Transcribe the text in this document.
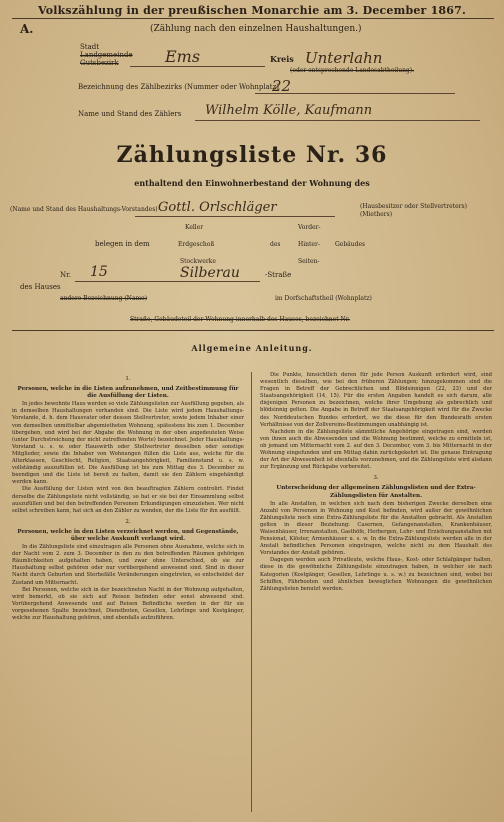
Volkszählung in der preußischen Monarchie am 3. December 1867.
A.	(Zählung nach den einzelnen Haushaltungen.)
Stadt
Landgemeinde
Gutsbezirk	Ems	Kreis Unterlahn
(oder entsprechende Landesabtheilung).
Bezeichnung des Zählbezirks (Nummer oder Wohnplatz)
22
Name und Stand des Zählers Wilhelm Kölle, Kaufmann
Zählungsliste Nr. 36
enthaltend den Einwohnerbestand der Wohnung des
(Name und Stand des Haushaltungs-Vorstandes) Gottl. Orlschläger	(Hausbesitzer oder Stellvertreters) (Miethers)
Keller	Vorder-
belegen in dem	Erdgeschoß	des	Hinter-	Gebäudes
Stockwerke	Seiten-
des Hauses
Nr. 15	Silberau	-Straße
andere Bezeichnung (Name)	im Dorfschaftstheil (Wohnplatz)
Straße, Gebäudeteil der Wohnung innerhalb des Hauses, bezeichnet Nr.
Allgemeine Anleitung.
1.
Personen, welche in die Listen aufzunehmen, und Zeitbestimmung für die Ausfüllung der Listen.

In jedes bewohnte Haus werden so viele Zählungslisten zur Ausfüllung gegeben, als in demselben Haushaltungen vorhanden sind. Die Liste wird jedem Haushaltungs-Vorstande, d. h. dem Hausvater oder dessen Stellvertreter, sowie jedem Inhaber einer von demselben unmittelbar abgemietheten Wohnung, spätestens bis zum 1. December übergeben, und wird bei der Abgabe die Wohnung in der oben angedeuteten Weise (unter Durchstreichung der nicht zutreffenden Worte) bezeichnet. Jeder Haushaltungs-Vorstand u. s. w. oder Hauswirth oder Stellvertreter desselben oder sonstige Mitglieder, sowie die Inhaber von Wohnungen füllen die Liste aus, welche für die Alterklassen, Geschlecht, Religion, Staatsangehörigkeit, Familienstand u. s. w. vollständig auszufüllen ist. Die Ausfüllung ist bis zum Mittag des 3. December zu beendigen und die Liste ist bereit zu halten, damit sie den Zählern eingehändigt werden kann.

Die Ausfüllung der Listen wird von den beauftragten Zählern controlirt. Findet derselbe die Zählungsliste nicht vollständig, so hat er sie bei der Einsammlung selbst auszufüllen und bei den betreffenden Personen Erkundigungen einzuziehen. Wer nicht selbst schreiben kann, hat sich an den Zähler zu wenden, der die Liste für ihn ausfüllt.

2.
Personen, welche in den Listen verzeichnet werden, und Gegenstände, über welche Auskunft verlangt wird.

In die Zählungsliste sind einzutragen alle Personen ohne Ausnahme, welche sich in der Nacht vom 2. zum 3. December in den zu den betreffenden Räumen gehörigen Räumlichkeiten aufgehalten haben, und zwar ohne Unterschied, ob sie zur Haushaltung selbst gehören oder nur vorübergehend anwesend sind. Sind in dieser Nacht durch Geburten und Sterbefälle Veränderungen eingetreten, so entscheidet der Zustand um Mitternacht.

Bei Personen, welche sich in der bezeichneten Nacht in der Wohnung aufgehalten, wird bemerkt, ob sie sich auf Reisen befinden oder sonst abwesend sind. Vorübergehend Anwesende und auf Reisen Befindliche werden in der für sie vorgesehenen Spalte bezeichnet, Dienstboten, Gesellen, Lehrlinge und Kostgänger, welche zur Haushaltung gehören, sind ebenfalls aufzuführen.

Die Punkte, hinsichtlich deren für jede Person Auskunft erfordert wird, sind wesentlich dieselben, wie bei den früheren Zählungen; hinzugekommen sind die Fragen in Betreff der Gebrechlichen und Blödsinnigen (22, 23) und der Staatsangehörigkeit (14, 15). Für die ersten Angaben handelt es sich darum, alle diejenigen Personen zu bezeichnen, welche ihrer Umgebung als gebrechlich und blödsinnig gelten. Die Angabe in Betreff der Staatsangehörigkeit wird für die Zwecke des Norddeutschen Bundes erfordert, wo die diese für den Bundesrath ersten Verhältnisse von der Zollvereins-Bestimmungen unabhängig ist.

Nachdem in die Zählungsliste sämmtliche Angehörige eingetragen sind, werden von ihnen auch die Abwesenden und die Wohnung bestimmt, welche zu ermitteln ist, ob jemand um Mitternacht vom 2. auf den 3. December, vom 3. bis Mitternacht in der Wohnung eingefunden und um Mittag dahin zurückgekehrt ist. Die genaue Eintragung der Art der Abwesenheit ist ebenfalls vorzunehmen, und die Zählungsliste wird alsdann zur Ergänzung und Rückgabe vorbereitet.

3.
Unterscheidung der allgemeinen Zählungslisten und der Extra-Zählungslisten für Anstalten.

In alle Anstalten, in welchen sich nach dem bisherigen Zwecke derselben eine Anzahl von Personen in Wohnung und Kost befinden, wird außer der gewöhnlichen Zählungsliste noch eine Extra-Zählungsliste für die Anstalten gebracht. Als Anstalten gelten in dieser Beziehung: Casernen, Gefangenanstalten, Krankenhäuser, Waisenhäuser, Irrenanstalten, Gasthöfe, Herbergen, Lehr- und Erziehungsanstalten mit Pensionat, Klöster, Armenhäuser u. s. w. In die Extra-Zählungsliste werden alle in der Anstalt befindlichen Personen eingetragen, welche nicht zu dem Haushalt des Vorstandes der Anstalt gehören.

Dagegen werden auch Privatleute, welche Haus-, Kost- oder Schlafgänger halten, diese in die gewöhnliche Zählungsliste einzutragen haben, in welcher sie nach Kategorien (Kostgänger, Gesellen, Lehrlinge u. s. w.) zu bezeichnen sind, wobei bei Schiffen, Fährbooten und ähnlichen beweglichen Wohnungen die gewöhnlichen Zählungslisten benutzt werden.
